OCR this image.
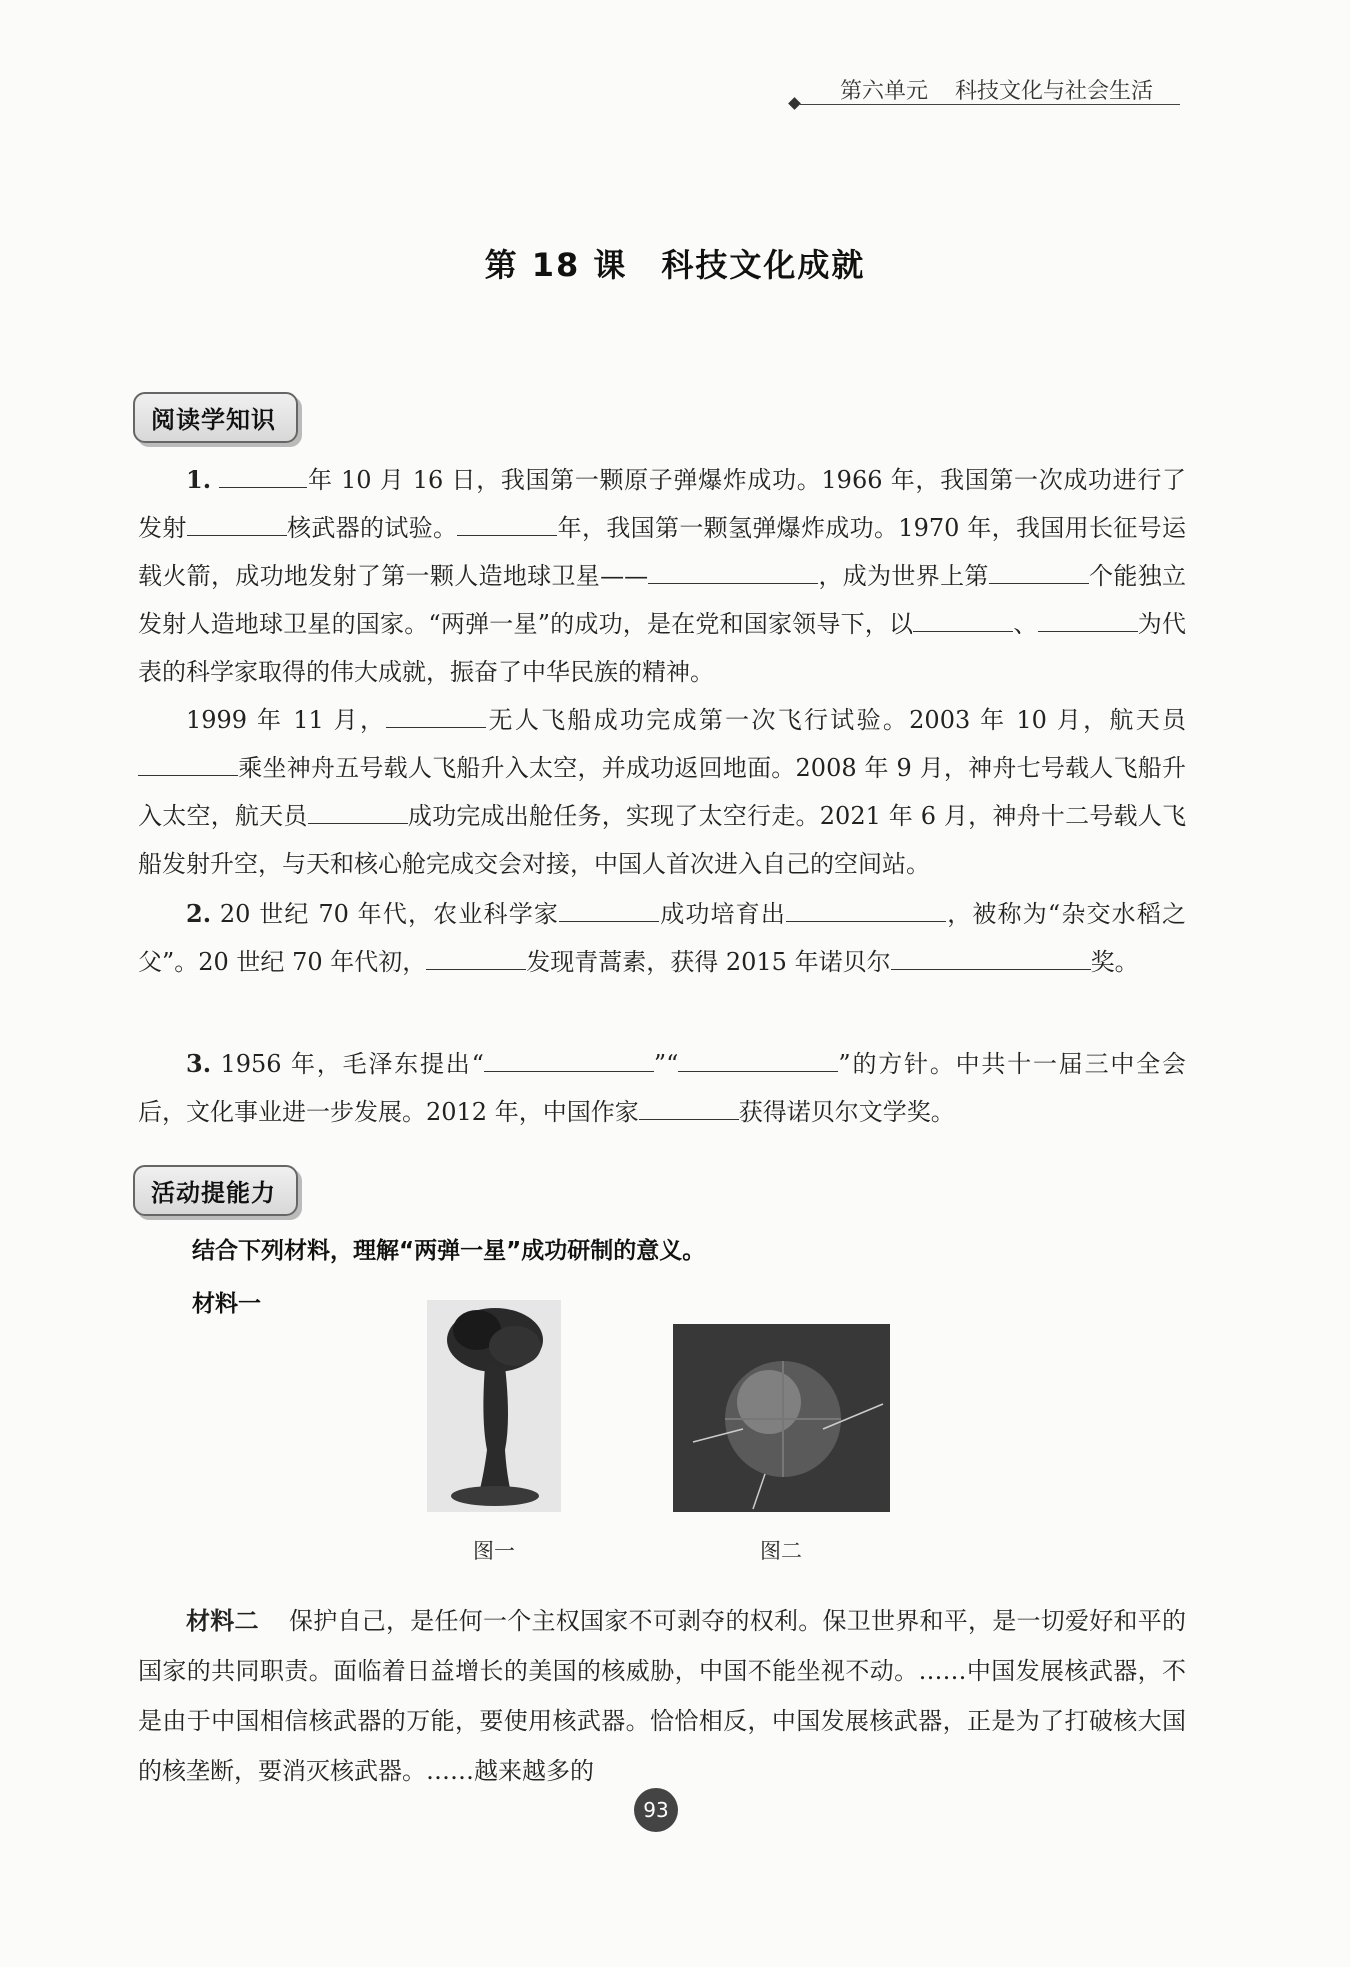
第六单元 科技文化与社会生活
第 18 课　科技文化成就
阅读学知识
1.	年 10 月 16 日，我国第一颗原子弹爆炸成功。1966 年，我国第一次成功进行了发射	核武器的试验。	年，我国第一颗氢弹爆炸成功。1970 年，我国用长征号运载火箭，成功地发射了第一颗人造地球卫星——	，成为世界上第	个能独立发射人造地球卫星的国家。“两弹一星”的成功，是在党和国家领导下，以	、	为代表的科学家取得的伟大成就，振奋了中华民族的精神。
1999 年 11 月，	无人飞船成功完成第一次飞行试验。2003 年 10 月，航天员乘坐神舟五号载人飞船升入太空，并成功返回地面。2008 年 9 月，神舟七号载人飞船升入太空，航天员	成功完成出舱任务，实现了太空行走。2021 年 6 月，神舟十二号载人飞船发射升空，与天和核心舱完成交会对接，中国人首次进入自己的空间站。
2. 20 世纪 70 年代，农业科学家	成功培育出	，被称为“杂交水稻之父”。20 世纪 70 年代初，	发现青蒿素，获得 2015 年诺贝尔	奖。
3. 1956 年，毛泽东提出“	”“	”的方针。中共十一届三中全会后，文化事业进一步发展。2012 年，中国作家	获得诺贝尔文学奖。
活动提能力
结合下列材料，理解“两弹一星”成功研制的意义。
材料一
图一	图二
材料二 保护自己，是任何一个主权国家不可剥夺的权利。保卫世界和平，是一切爱好和平的国家的共同职责。面临着日益增长的美国的核威胁，中国不能坐视不动。……中国发展核武器，不是由于中国相信核武器的万能，要使用核武器。恰恰相反，中国发展核武器，正是为了打破核大国的核垄断，要消灭核武器。……越来越多的
93
